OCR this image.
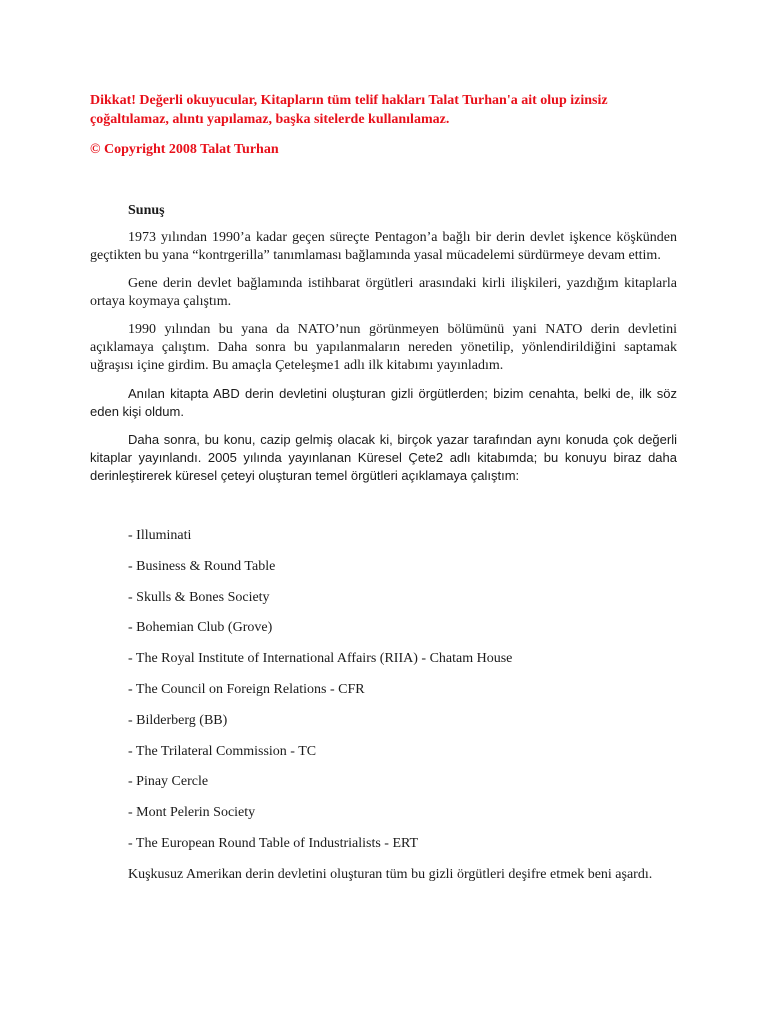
Dikkat! Değerli okuyucular, Kitapların tüm telif hakları Talat Turhan'a ait olup izinsiz çoğaltılamaz, alıntı yapılamaz, başka sitelerde kullanılamaz.

© Copyright 2008 Talat Turhan

Sunuş

1973 yılından 1990’a kadar geçen süreçte Pentagon’a bağlı bir derin devlet işkence köşkünden geçtikten bu yana “kontrgerilla” tanımlaması bağlamında yasal mücadelemi sürdürmeye devam ettim.

Gene derin devlet bağlamında istihbarat örgütleri arasındaki kirli ilişkileri, yazdığım kitaplarla ortaya koymaya çalıştım.

1990 yılından bu yana da NATO’nun görünmeyen bölümünü yani NATO derin devletini açıklamaya çalıştım. Daha sonra bu yapılanmaların nereden yönetilip, yönlendirildiğini saptamak uğraşısı içine girdim. Bu amaçla Çeteleşme1 adlı ilk kitabımı yayınladım.

Anılan kitapta ABD derin devletini oluşturan gizli örgütlerden; bizim cenahta, belki de, ilk söz eden kişi oldum.

Daha sonra, bu konu, cazip gelmiş olacak ki, birçok yazar tarafından aynı konuda çok değerli kitaplar yayınlandı. 2005 yılında yayınlanan Küresel Çete2 adlı kitabımda; bu konuyu biraz daha derinleştirerek küresel çeteyi oluşturan temel örgütleri açıklamaya çalıştım:

- Illuminati
- Business & Round Table
- Skulls & Bones Society
- Bohemian Club (Grove)
- The Royal Institute of International Affairs (RIIA) - Chatam House
- The Council on Foreign Relations - CFR
- Bilderberg (BB)
- The Trilateral Commission - TC
- Pinay Cercle
- Mont Pelerin Society
- The European Round Table of Industrialists - ERT

Kuşkusuz Amerikan derin devletini oluşturan tüm bu gizli örgütleri deşifre etmek beni aşardı.
